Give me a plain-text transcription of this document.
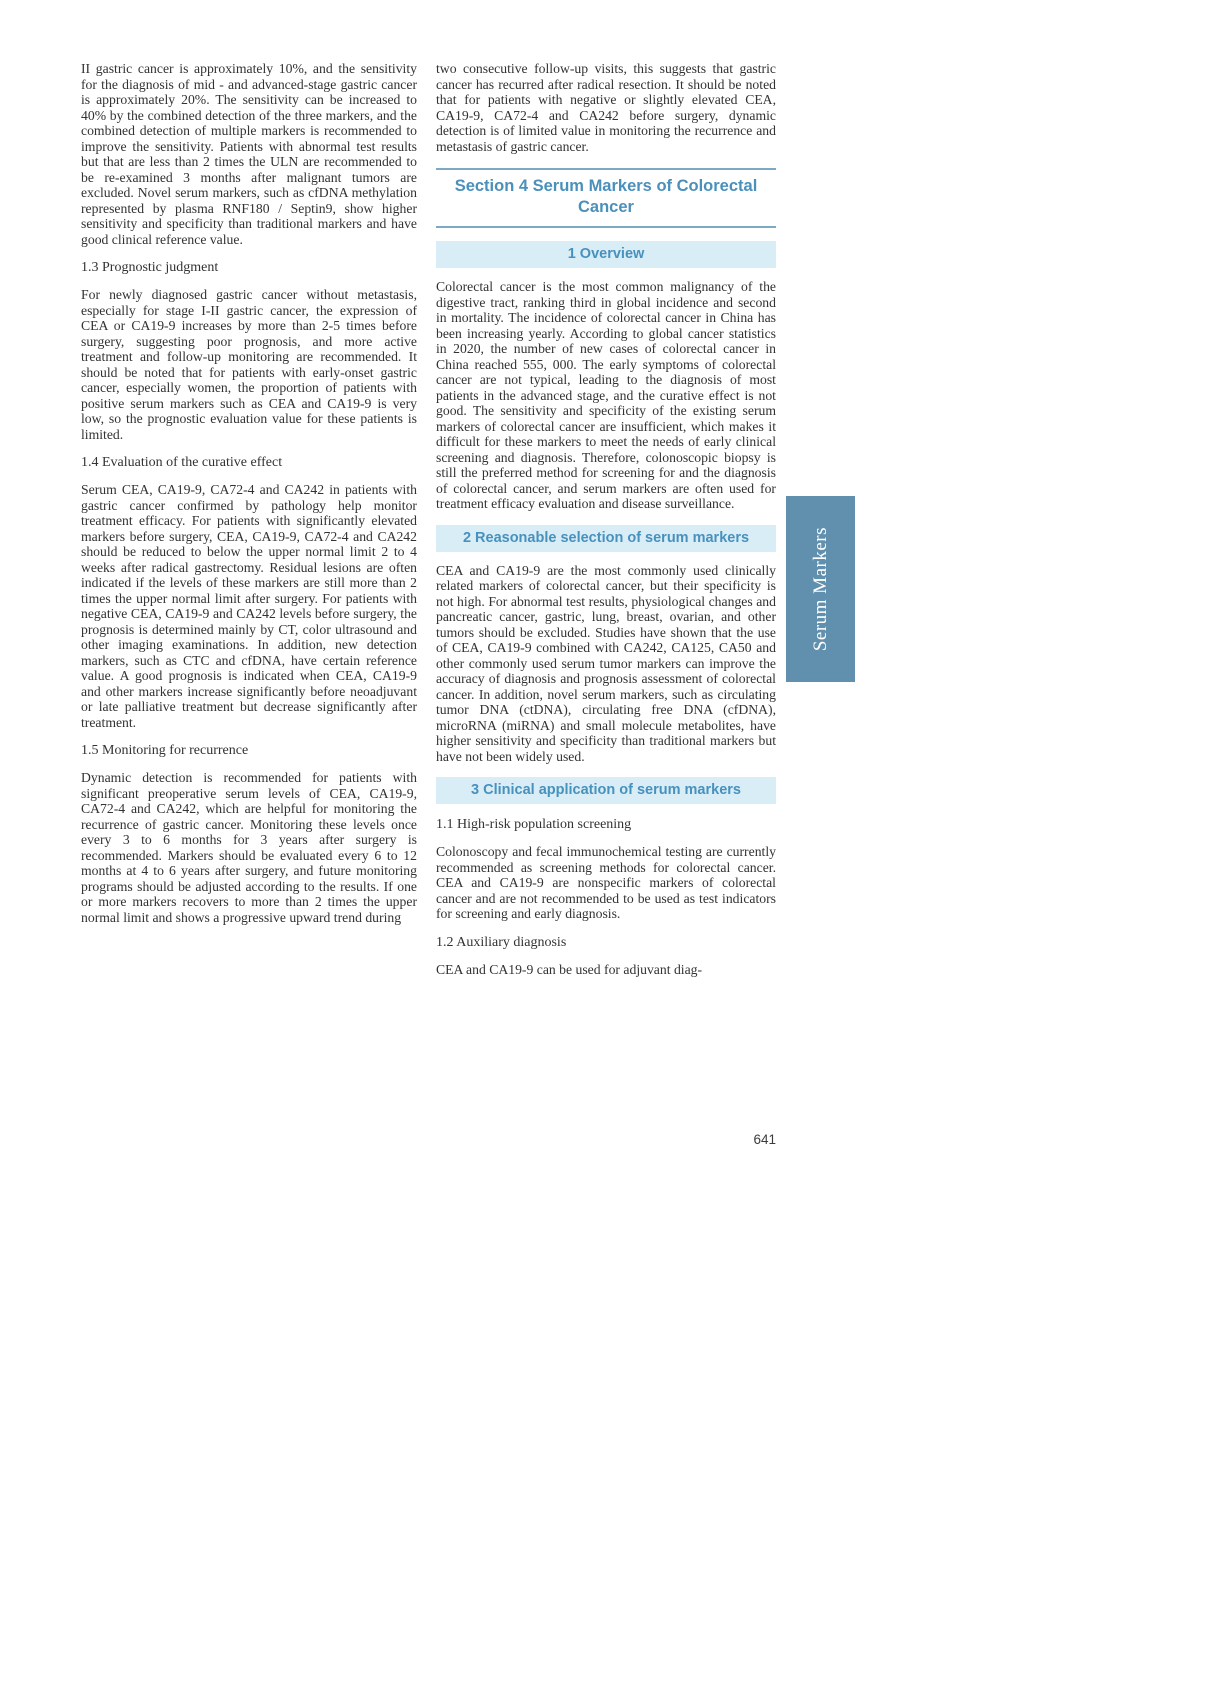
II gastric cancer is approximately 10%, and the sensitivity for the diagnosis of mid - and advanced-stage gastric cancer is approximately 20%. The sensitivity can be increased to 40% by the combined detection of the three markers, and the combined detection of multiple markers is recommended to improve the sensitivity. Patients with abnormal test results but that are less than 2 times the ULN are recommended to be re-examined 3 months after malignant tumors are excluded. Novel serum markers, such as cfDNA methylation represented by plasma RNF180 / Septin9, show higher sensitivity and specificity than traditional markers and have good clinical reference value.

1.3 Prognostic judgment

For newly diagnosed gastric cancer without metastasis, especially for stage I-II gastric cancer, the expression of CEA or CA19-9 increases by more than 2-5 times before surgery, suggesting poor prognosis, and more active treatment and follow-up monitoring are recommended. It should be noted that for patients with early-onset gastric cancer, especially women, the proportion of patients with positive serum markers such as CEA and CA19-9 is very low, so the prognostic evaluation value for these patients is limited.

1.4 Evaluation of the curative effect

Serum CEA, CA19-9, CA72-4 and CA242 in patients with gastric cancer confirmed by pathology help monitor treatment efficacy. For patients with significantly elevated markers before surgery, CEA, CA19-9, CA72-4 and CA242 should be reduced to below the upper normal limit 2 to 4 weeks after radical gastrectomy. Residual lesions are often indicated if the levels of these markers are still more than 2 times the upper normal limit after surgery. For patients with negative CEA, CA19-9 and CA242 levels before surgery, the prognosis is determined mainly by CT, color ultrasound and other imaging examinations. In addition, new detection markers, such as CTC and cfDNA, have certain reference value. A good prognosis is indicated when CEA, CA19-9 and other markers increase significantly before neoadjuvant or late palliative treatment but decrease significantly after treatment.

1.5 Monitoring for recurrence

Dynamic detection is recommended for patients with significant preoperative serum levels of CEA, CA19-9, CA72-4 and CA242, which are helpful for monitoring the recurrence of gastric cancer. Monitoring these levels once every 3 to 6 months for 3 years after surgery is recommended. Markers should be evaluated every 6 to 12 months at 4 to 6 years after surgery, and future monitoring programs should be adjusted according to the results. If one or more markers recovers to more than 2 times the upper normal limit and shows a progressive upward trend during

two consecutive follow-up visits, this suggests that gastric cancer has recurred after radical resection. It should be noted that for patients with negative or slightly elevated CEA, CA19-9, CA72-4 and CA242 before surgery, dynamic detection is of limited value in monitoring the recurrence and metastasis of gastric cancer.

Section 4 Serum Markers of Colorectal Cancer
1 Overview

Colorectal cancer is the most common malignancy of the digestive tract, ranking third in global incidence and second in mortality. The incidence of colorectal cancer in China has been increasing yearly. According to global cancer statistics in 2020, the number of new cases of colorectal cancer in China reached 555, 000. The early symptoms of colorectal cancer are not typical, leading to the diagnosis of most patients in the advanced stage, and the curative effect is not good. The sensitivity and specificity of the existing serum markers of colorectal cancer are insufficient, which makes it difficult for these markers to meet the needs of early clinical screening and diagnosis. Therefore, colonoscopic biopsy is still the preferred method for screening for and the diagnosis of colorectal cancer, and serum markers are often used for treatment efficacy evaluation and disease surveillance.

2 Reasonable selection of serum markers

CEA and CA19-9 are the most commonly used clinically related markers of colorectal cancer, but their specificity is not high. For abnormal test results, physiological changes and pancreatic cancer, gastric, lung, breast, ovarian, and other tumors should be excluded. Studies have shown that the use of CEA, CA19-9 combined with CA242, CA125, CA50 and other commonly used serum tumor markers can improve the accuracy of diagnosis and prognosis assessment of colorectal cancer. In addition, novel serum markers, such as circulating tumor DNA (ctDNA), circulating free DNA (cfDNA), microRNA (miRNA) and small molecule metabolites, have higher sensitivity and specificity than traditional markers but have not been widely used.

3 Clinical application of serum markers
1.1 High-risk population screening

Colonoscopy and fecal immunochemical testing are currently recommended as screening methods for colorectal cancer. CEA and CA19-9 are nonspecific markers of colorectal cancer and are not recommended to be used as test indicators for screening and early diagnosis.

1.2 Auxiliary diagnosis

CEA and CA19-9 can be used for adjuvant diag-

Serum Markers
641
